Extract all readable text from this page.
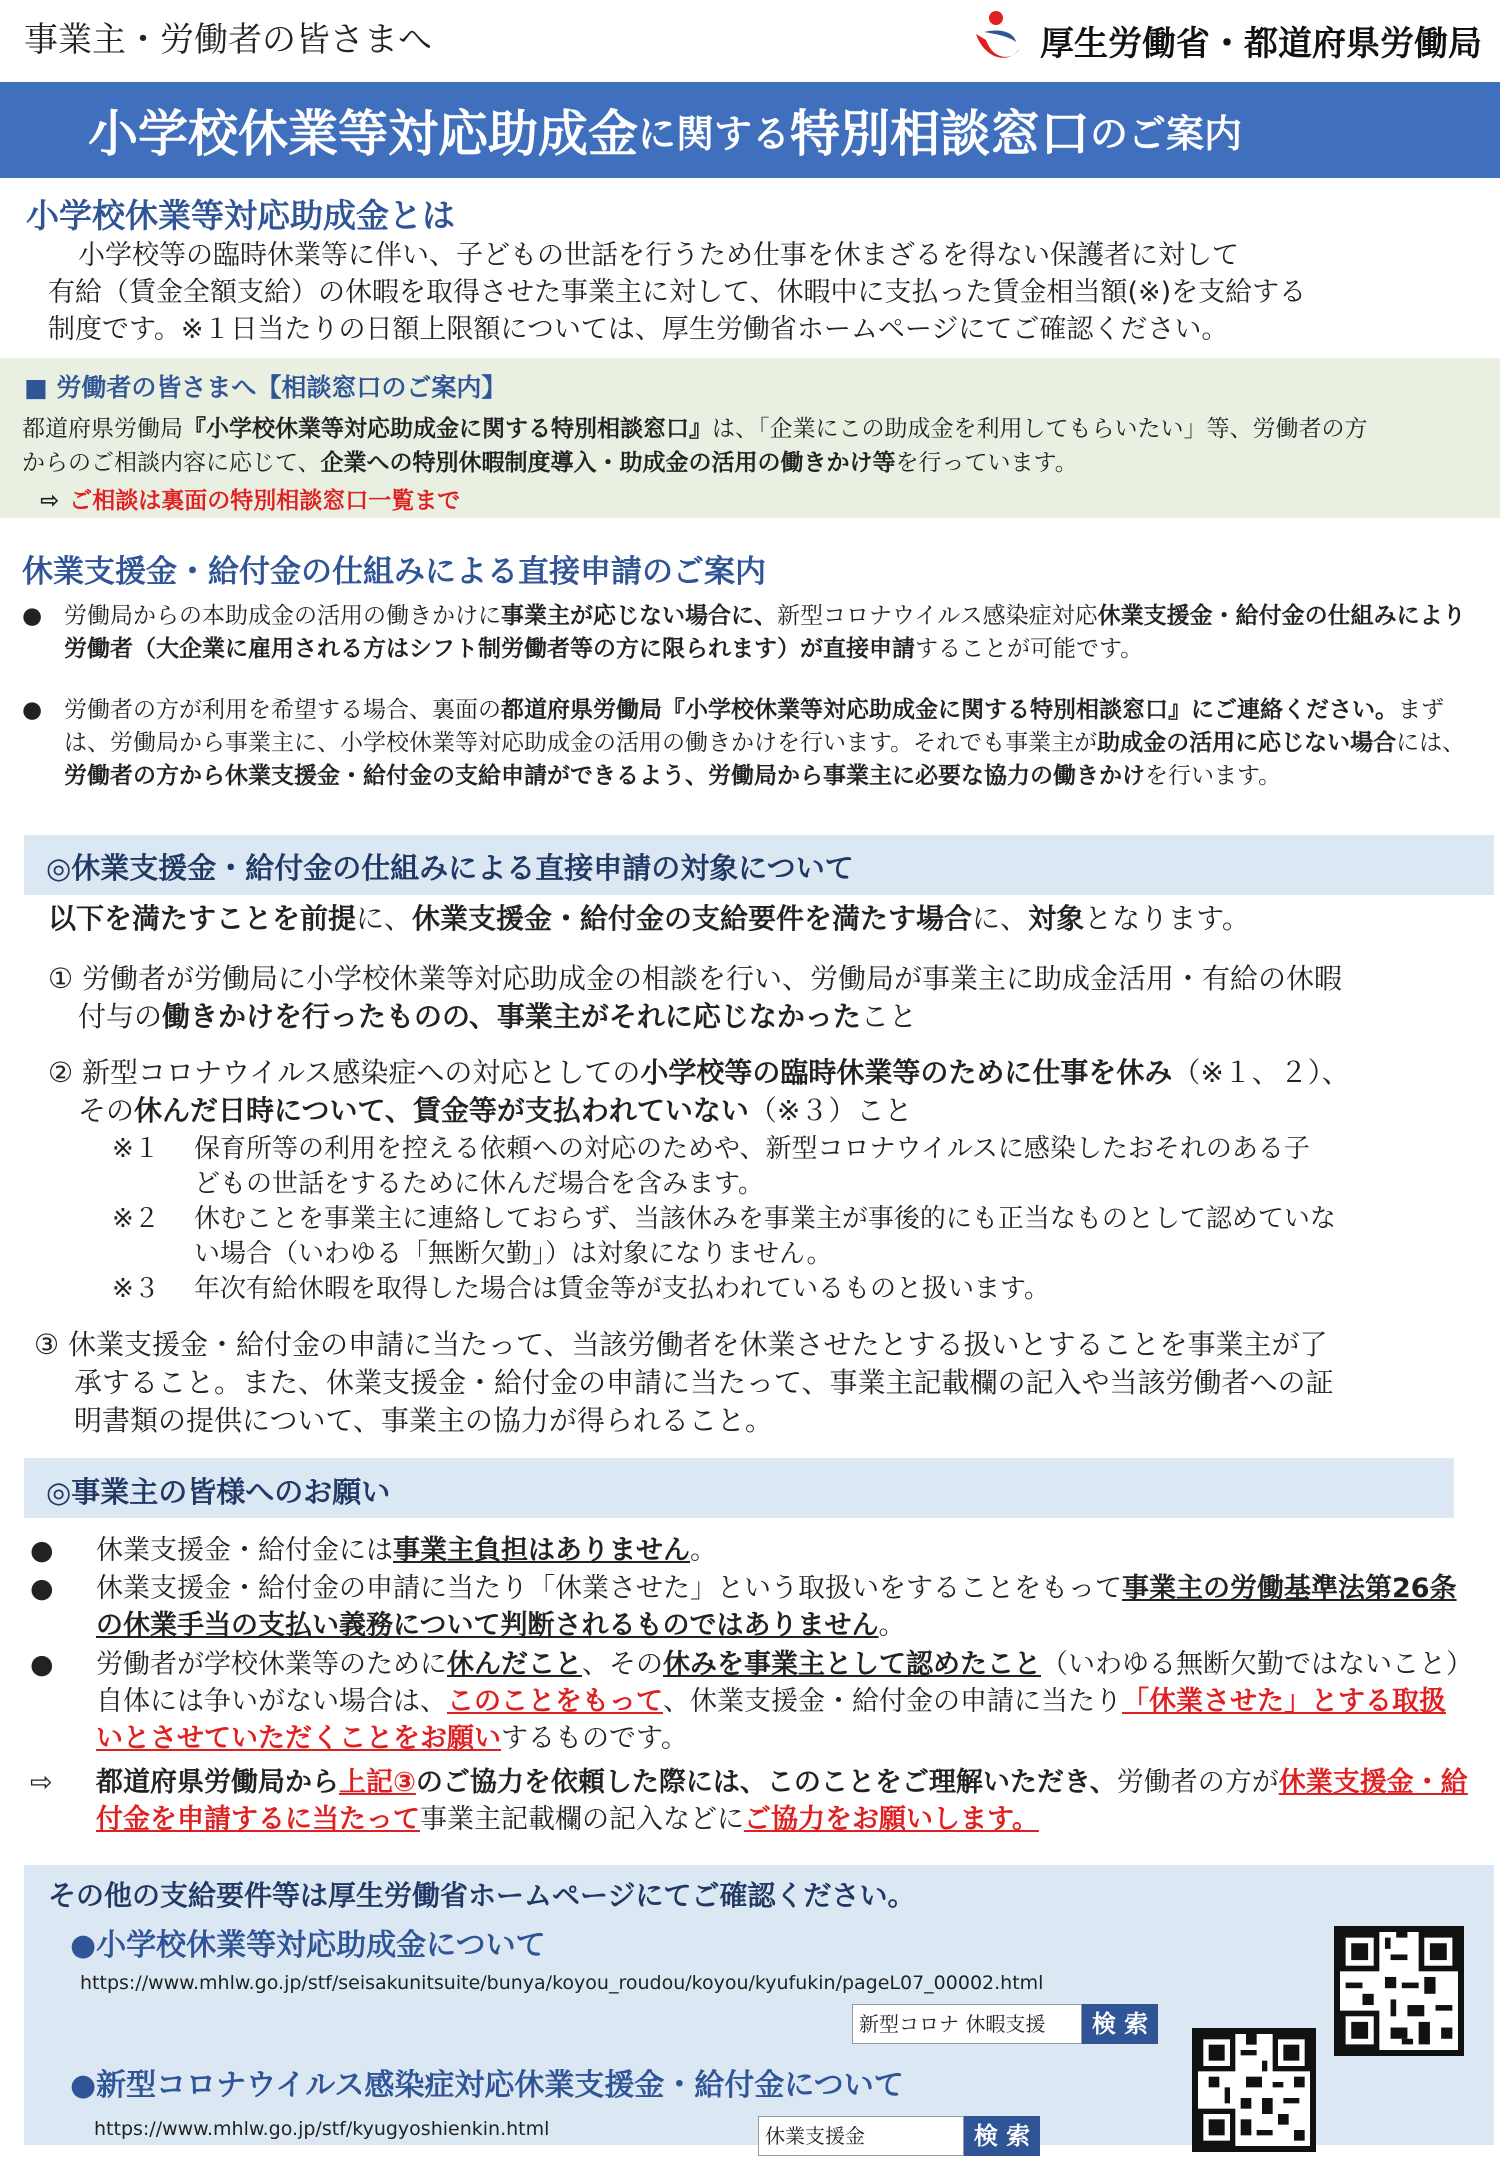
事業主・労働者の皆さまへ	厚生労働省・都道府県労働局
小学校休業等対応助成金 に関する 特別相談窓口 のご案内
小学校休業等対応助成金とは
小学校等の臨時休業等に伴い、子どもの世話を行うため仕事を休まざるを得ない保護者に対して
有給（賃金全額支給）の休暇を取得させた事業主に対して、休暇中に支払った賃金相当額(※)を支給する
制度です。※１日当たりの日額上限額については、厚生労働省ホームページにてご確認ください。
■ 労働者の皆さまへ【相談窓口のご案内】
都道府県労働局『小学校休業等対応助成金に関する特別相談窓口』は、「企業にこの助成金を利用してもらいたい」等、労働者の方
からのご相談内容に応じて、企業への特別休暇制度導入・助成金の活用の働きかけ等を行っています。
⇨ ご相談は裏面の特別相談窓口一覧まで
休業支援金・給付金の仕組みによる直接申請のご案内
● 労働局からの本助成金の活用の働きかけに事業主が応じない場合に、新型コロナウイルス感染症対応休業支援金・給付金の仕組みにより労働者（大企業に雇用される方はシフト制労働者等の方に限られます）が直接申請することが可能です。
● 労働者の方が利用を希望する場合、裏面の都道府県労働局『小学校休業等対応助成金に関する特別相談窓口』にご連絡ください。まずは、労働局から事業主に、小学校休業等対応助成金の活用の働きかけを行います。それでも事業主が助成金の活用に応じない場合には、労働者の方から休業支援金・給付金の支給申請ができるよう、労働局から事業主に必要な協力の働きかけを行います。
◎休業支援金・給付金の仕組みによる直接申請の対象について
以下を満たすことを前提に、休業支援金・給付金の支給要件を満たす場合に、対象となります。
① 労働者が労働局に小学校休業等対応助成金の相談を行い、労働局が事業主に助成金活用・有給の休暇
付与の働きかけを行ったものの、事業主がそれに応じなかったこと
② 新型コロナウイルス感染症への対応としての小学校等の臨時休業等のために仕事を休み（※１、２）、
その休んだ日時について、賃金等が支払われていない（※３）こと
※１ 保育所等の利用を控える依頼への対応のためや、新型コロナウイルスに感染したおそれのある子
どもの世話をするために休んだ場合を含みます。
※２ 休むことを事業主に連絡しておらず、当該休みを事業主が事後的にも正当なものとして認めていな
い場合（いわゆる「無断欠勤」）は対象になりません。
※３ 年次有給休暇を取得した場合は賃金等が支払われているものと扱います。
③ 休業支援金・給付金の申請に当たって、当該労働者を休業させたとする扱いとすることを事業主が了
承すること。また、休業支援金・給付金の申請に当たって、事業主記載欄の記入や当該労働者への証
明書類の提供について、事業主の協力が得られること。
◎事業主の皆様へのお願い
●	休業支援金・給付金には事業主負担はありません。
●	休業支援金・給付金の申請に当たり「休業させた」という取扱いをすることをもって事業主の労働基準法第26条の休業手当の支払い義務について判断されるものではありません。
●	労働者が学校休業等のために休んだこと、その休みを事業主として認めたこと（いわゆる無断欠勤ではないこと）自体には争いがない場合は、このことをもって、休業支援金・給付金の申請に当たり「休業させた」とする取扱いとさせていただくことをお願いするものです。
⇨	都道府県労働局から上記③のご協力を依頼した際には、このことをご理解いただき、労働者の方が休業支援金・給付金を申請するに当たって事業主記載欄の記入などにご協力をお願いします。
その他の支給要件等は厚生労働省ホームページにてご確認ください。
●小学校休業等対応助成金について
https://www.mhlw.go.jp/stf/seisakunitsuite/bunya/koyou_roudou/koyou/kyufukin/pageL07_00002.html
新型コロナ 休暇支援	検 索
●新型コロナウイルス感染症対応休業支援金・給付金について
https://www.mhlw.go.jp/stf/kyugyoshienkin.html	休業支援金	検 索
